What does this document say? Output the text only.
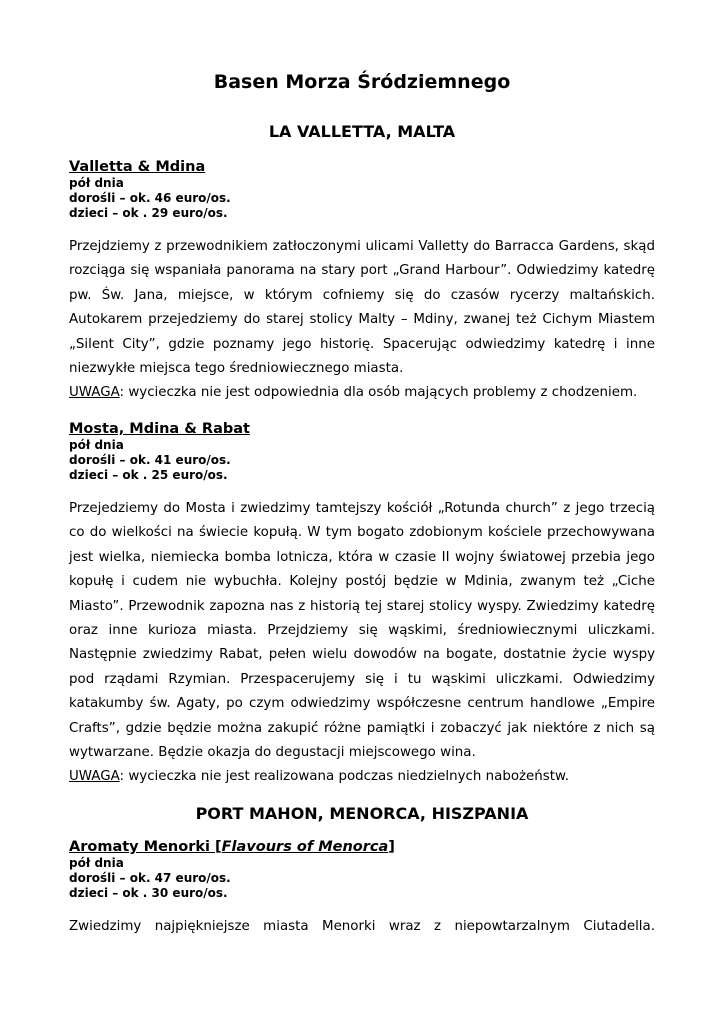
Basen Morza Śródziemnego
LA VALLETTA, MALTA
Valletta & Mdina
pół dnia
dorośli – ok. 46 euro/os.
dzieci – ok . 29 euro/os.
Przejdziemy z przewodnikiem zatłoczonymi ulicami Valletty do Barracca Gardens, skąd rozciąga się wspaniała panorama na stary port „Grand Harbour”. Odwiedzimy katedrę pw. Św. Jana, miejsce, w którym cofniemy się do czasów rycerzy maltańskich. Autokarem przejedziemy do starej stolicy Malty – Mdiny, zwanej też Cichym Miastem „Silent City”, gdzie poznamy jego historię. Spacerując odwiedzimy katedrę i inne niezwykłe miejsca tego średniowiecznego miasta.
UWAGA: wycieczka nie jest odpowiednia dla osób mających problemy z chodzeniem.
Mosta, Mdina & Rabat
pół dnia
dorośli – ok. 41 euro/os.
dzieci – ok . 25 euro/os.
Przejedziemy do Mosta i zwiedzimy tamtejszy kościół „Rotunda church” z jego trzecią co do wielkości na świecie kopułą. W tym bogato zdobionym kościele przechowywana jest wielka, niemiecka bomba lotnicza, która w czasie II wojny światowej przebia jego kopułę i cudem nie wybuchła. Kolejny postój będzie w Mdinia, zwanym też „Ciche Miasto”. Przewodnik zapozna nas z historią tej starej stolicy wyspy. Zwiedzimy katedrę oraz inne kurioza miasta. Przejdziemy się wąskimi, średniowiecznymi uliczkami. Następnie zwiedzimy Rabat, pełen wielu dowodów na bogate, dostatnie życie wyspy pod rządami Rzymian. Przespacerujemy się i tu wąskimi uliczkami. Odwiedzimy katakumby św. Agaty, po czym odwiedzimy współczesne centrum handlowe „Empire Crafts”, gdzie będzie można zakupić różne pamiątki i zobaczyć jak niektóre z nich są wytwarzane. Będzie okazja do degustacji miejscowego wina.
UWAGA: wycieczka nie jest realizowana podczas niedzielnych nabożeństw.
PORT MAHON, MENORCA, HISZPANIA
Aromaty Menorki [Flavours of Menorca]
pół dnia
dorośli – ok. 47 euro/os.
dzieci – ok . 30 euro/os.
Zwiedzimy najpiękniejsze miasta Menorki wraz z niepowtarzalnym Ciutadella.
